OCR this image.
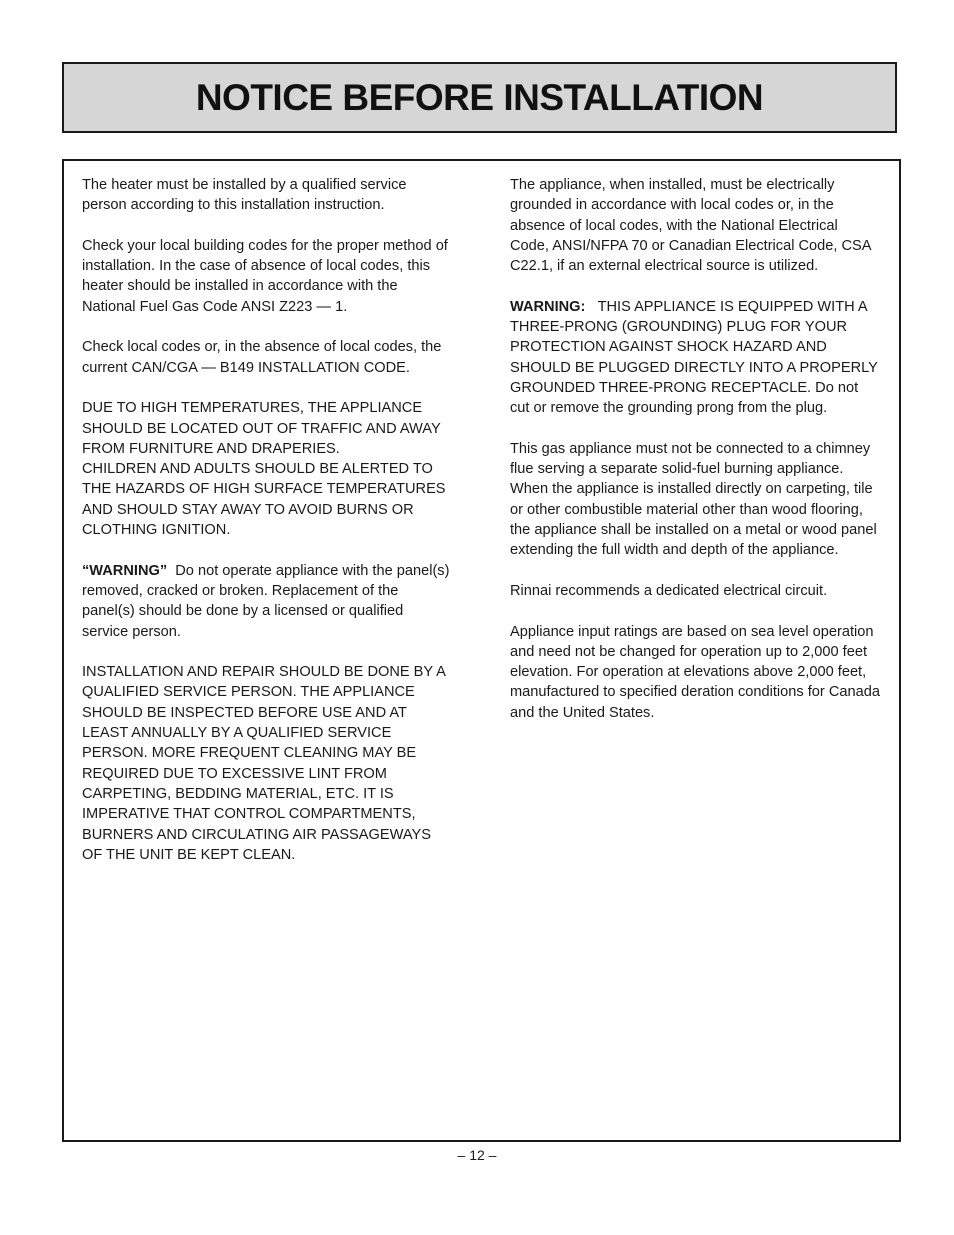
NOTICE BEFORE INSTALLATION

The heater must be installed by a qualified service person according to this installation instruction.

Check your local building codes for the proper method of installation. In the case of absence of local codes, this heater should be installed in accordance with the National Fuel Gas Code ANSI Z223 — 1.

Check local codes or, in the absence of local codes, the current CAN/CGA — B149 INSTALLATION CODE.

DUE TO HIGH TEMPERATURES, THE APPLIANCE SHOULD BE LOCATED OUT OF TRAFFIC AND AWAY FROM FURNITURE AND DRAPERIES.

CHILDREN AND ADULTS SHOULD BE ALERTED TO THE HAZARDS OF HIGH SURFACE TEMPERATURES AND SHOULD STAY AWAY TO AVOID BURNS OR CLOTHING IGNITION.

“WARNING” Do not operate appliance with the panel(s) removed, cracked or broken. Replacement of the panel(s) should be done by a licensed or qualified service person.

INSTALLATION AND REPAIR SHOULD BE DONE BY A QUALIFIED SERVICE PERSON. THE APPLIANCE SHOULD BE INSPECTED BEFORE USE AND AT LEAST ANNUALLY BY A QUALIFIED SERVICE PERSON. MORE FREQUENT CLEANING MAY BE REQUIRED DUE TO EXCESSIVE LINT FROM CARPETING, BEDDING MATERIAL, ETC. IT IS IMPERATIVE THAT CONTROL COMPARTMENTS, BURNERS AND CIRCULATING AIR PASSAGEWAYS OF THE UNIT BE KEPT CLEAN.

The appliance, when installed, must be electrically grounded in accordance with local codes or, in the absence of local codes, with the National Electrical Code, ANSI/NFPA 70 or Canadian Electrical Code, CSA C22.1, if an external electrical source is utilized.

WARNING: THIS APPLIANCE IS EQUIPPED WITH A THREE-PRONG (GROUNDING) PLUG FOR YOUR PROTECTION AGAINST SHOCK HAZARD AND SHOULD BE PLUGGED DIRECTLY INTO A PROPERLY GROUNDED THREE-PRONG RECEPTACLE. Do not cut or remove the grounding prong from the plug.

This gas appliance must not be connected to a chimney flue serving a separate solid-fuel burning appliance.

When the appliance is installed directly on carpeting, tile or other combustible material other than wood flooring, the appliance shall be installed on a metal or wood panel extending the full width and depth of the appliance.

Rinnai recommends a dedicated electrical circuit.

Appliance input ratings are based on sea level operation and need not be changed for operation up to 2,000 feet elevation. For operation at elevations above 2,000 feet, manufactured to specified deration conditions for Canada and the United States.

– 12 –
